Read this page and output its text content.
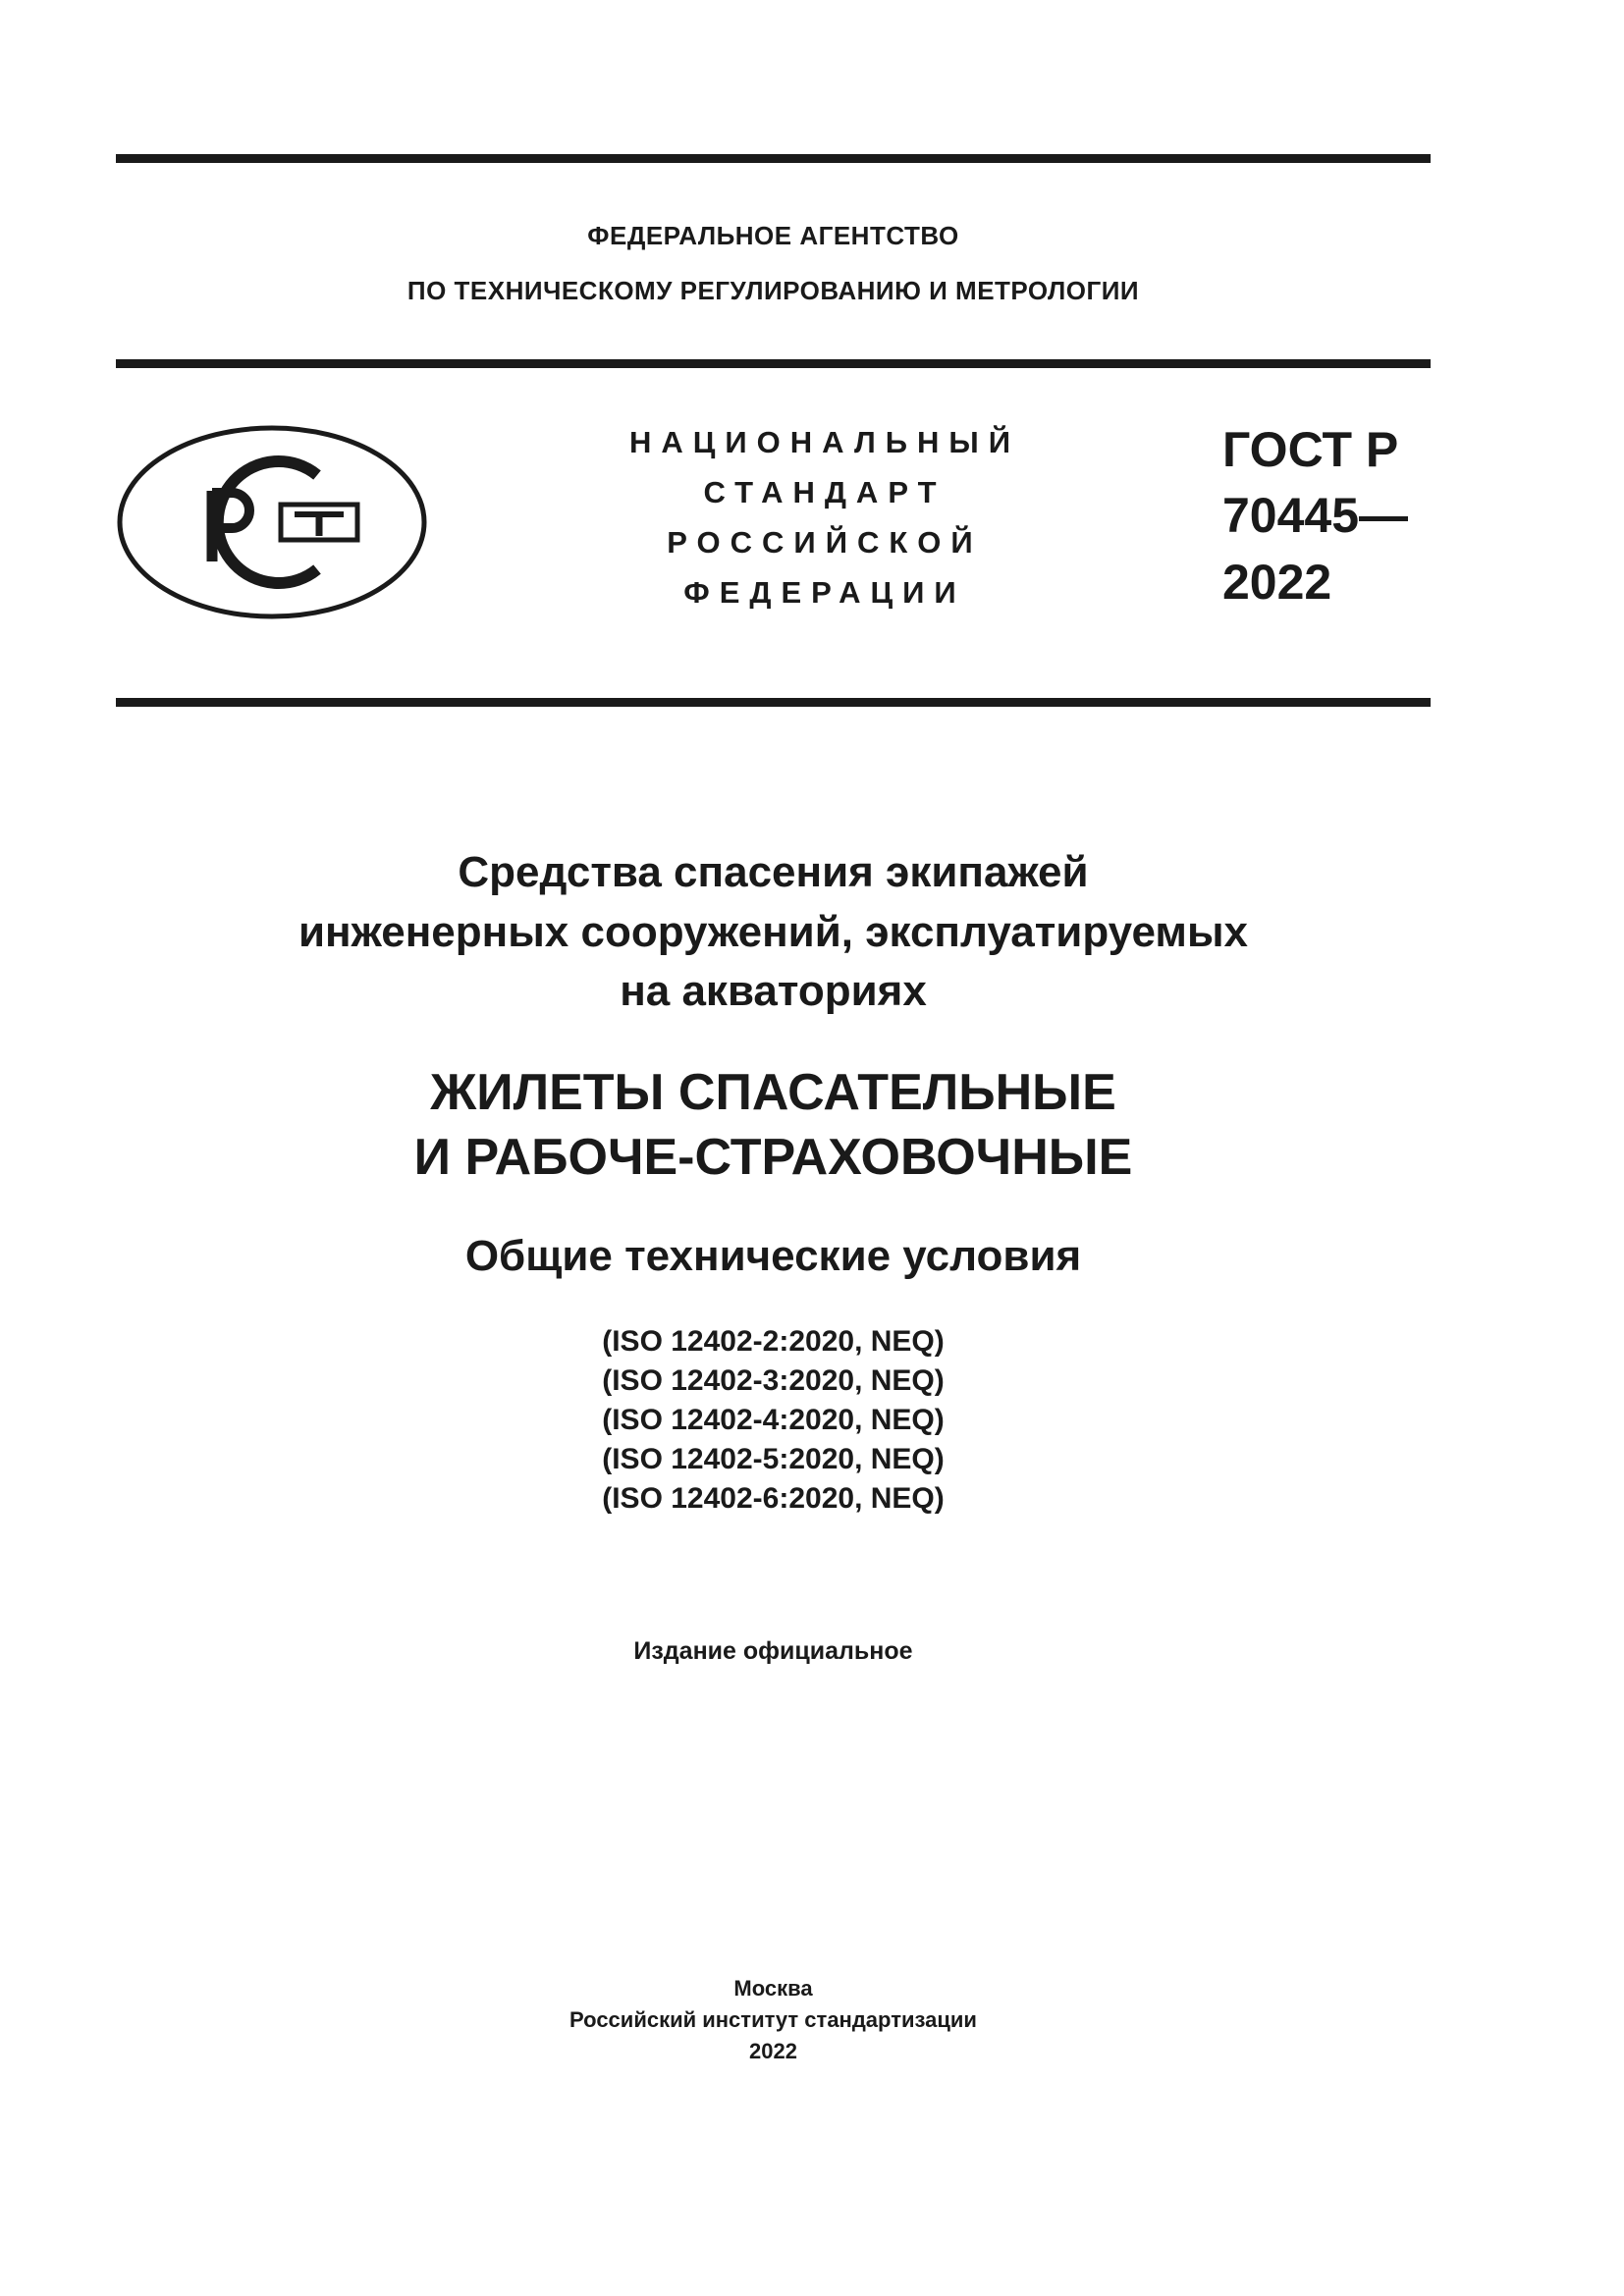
ФЕДЕРАЛЬНОЕ АГЕНТСТВО
ПО ТЕХНИЧЕСКОМУ РЕГУЛИРОВАНИЮ И МЕТРОЛОГИИ
НАЦИОНАЛЬНЫЙ
СТАНДАРТ
РОССИЙСКОЙ
ФЕДЕРАЦИИ
ГОСТ Р
70445—
2022
Средства спасения экипажей
инженерных сооружений, эксплуатируемых
на акваториях
ЖИЛЕТЫ СПАСАТЕЛЬНЫЕ
И РАБОЧЕ-СТРАХОВОЧНЫЕ
Общие технические условия
(ISO 12402-2:2020, NEQ)
(ISO 12402-3:2020, NEQ)
(ISO 12402-4:2020, NEQ)
(ISO 12402-5:2020, NEQ)
(ISO 12402-6:2020, NEQ)
Издание официальное
Москва
Российский институт стандартизации
2022
